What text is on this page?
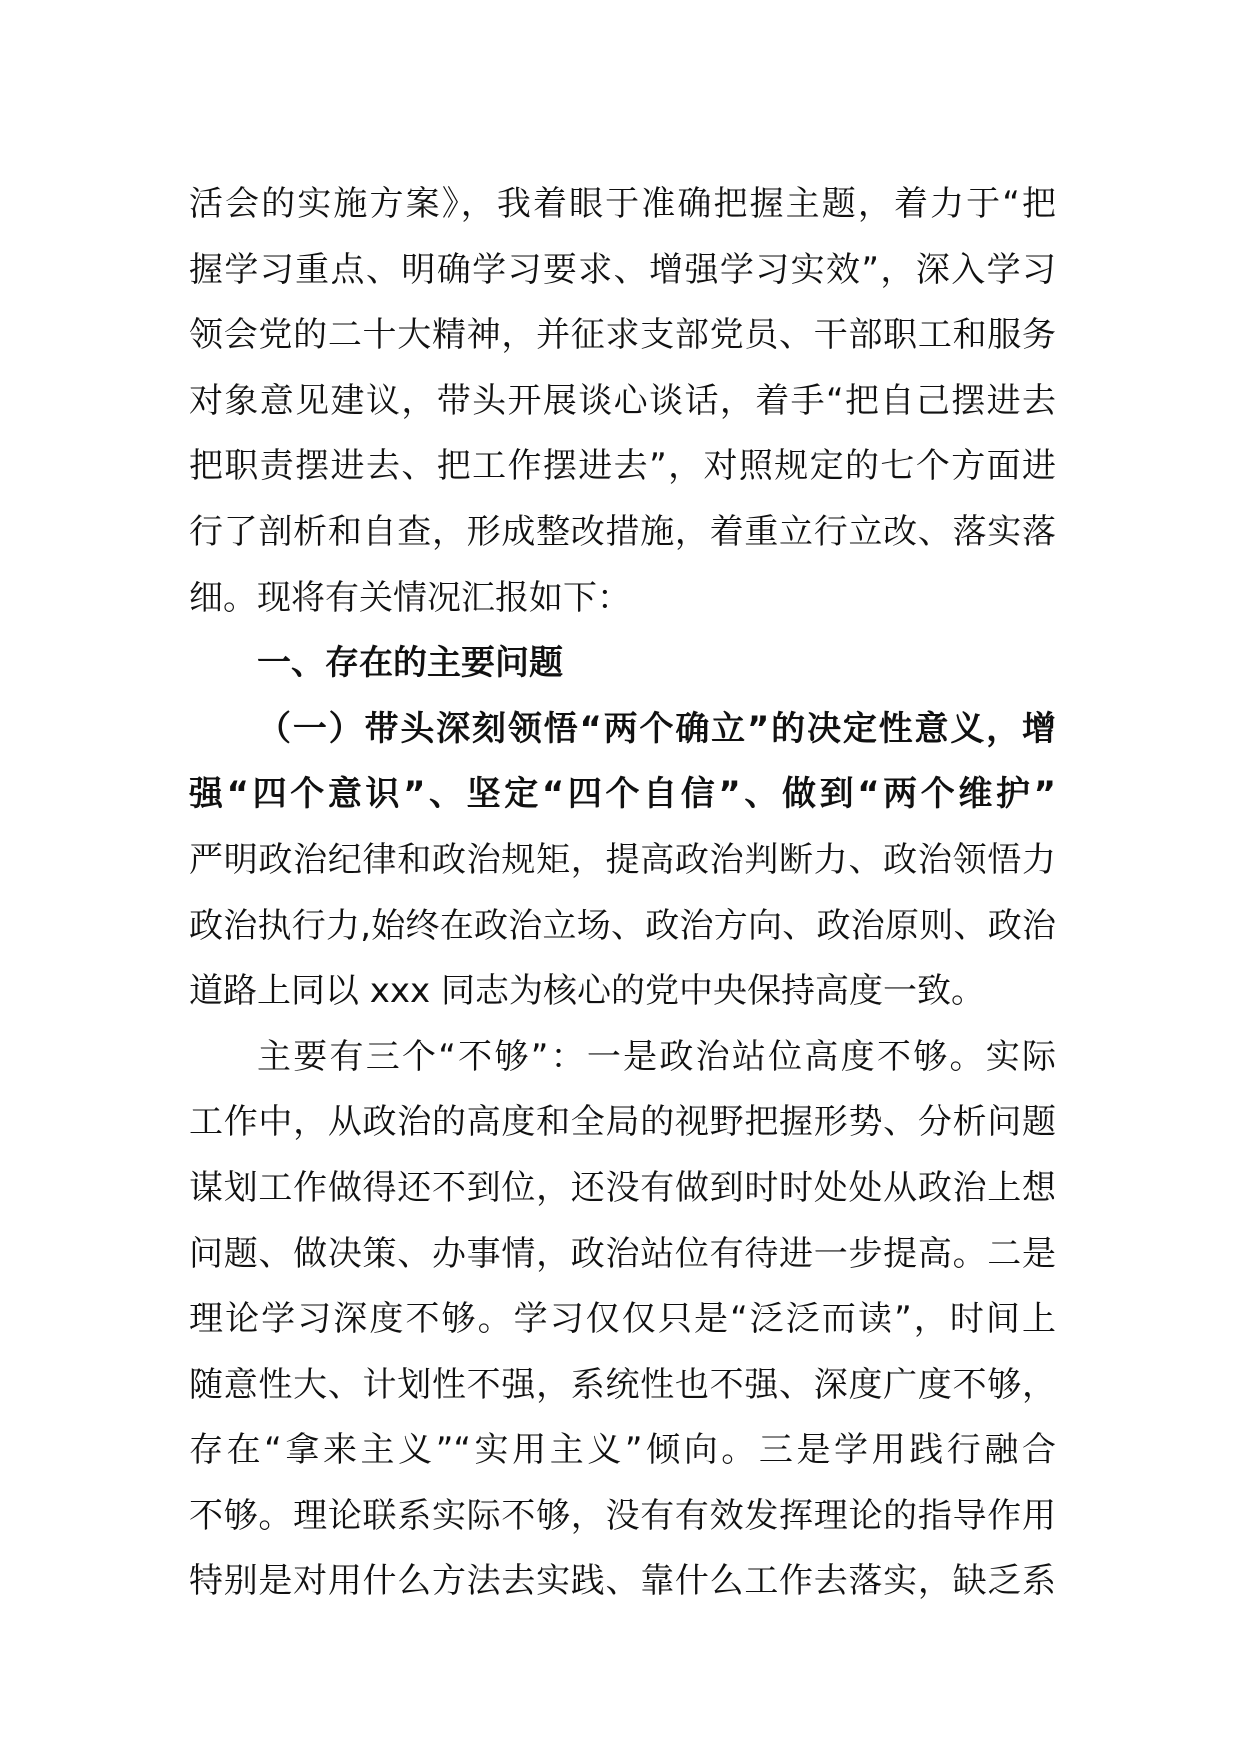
活会的实施方案》，我着眼于准确把握主题，着力于“把
握学习重点、明确学习要求、增强学习实效”，深入学习
领会党的二十大精神，并征求支部党员、干部职工和服务
对象意见建议，带头开展谈心谈话，着手“把自己摆进去
把职责摆进去、把工作摆进去”，对照规定的七个方面进
行了剖析和自查，形成整改措施，着重立行立改、落实落
细。现将有关情况汇报如下：
一、存在的主要问题
（一）带头深刻领悟“两个确立”的决定性意义，增
强“四个意识”、坚定“四个自信”、做到“两个维护”
严明政治纪律和政治规矩，提高政治判断力、政治领悟力
政治执行力,始终在政治立场、政治方向、政治原则、政治
道路上同以 xxx 同志为核心的党中央保持高度一致。
主要有三个“不够”：一是政治站位高度不够。实际
工作中，从政治的高度和全局的视野把握形势、分析问题
谋划工作做得还不到位，还没有做到时时处处从政治上想
问题、做决策、办事情，政治站位有待进一步提高。二是
理论学习深度不够。学习仅仅只是“泛泛而读”，时间上
随意性大、计划性不强，系统性也不强、深度广度不够，
存在“拿来主义”“实用主义”倾向。三是学用践行融合
不够。理论联系实际不够，没有有效发挥理论的指导作用
特别是对用什么方法去实践、靠什么工作去落实，缺乏系
